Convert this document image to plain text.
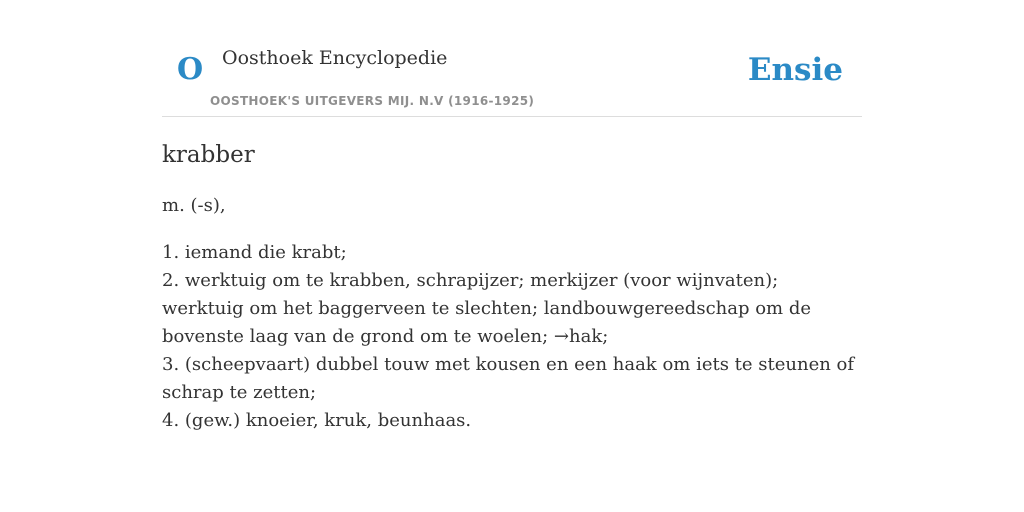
O Oosthoek Encyclopedie
OOSTHOEK'S UITGEVERS MIJ. N.V (1916-1925)
Ensie
krabber
m. (-s),
1. iemand die krabt;
2. werktuig om te krabben, schrapijzer; merkijzer (voor wijnvaten); werktuig om het baggerveen te slechten; landbouwgereedschap om de bovenste laag van de grond om te woelen; →hak;
3. (scheepvaart) dubbel touw met kousen en een haak om iets te steunen of schrap te zetten;
4. (gew.) knoeier, kruk, beunhaas.
